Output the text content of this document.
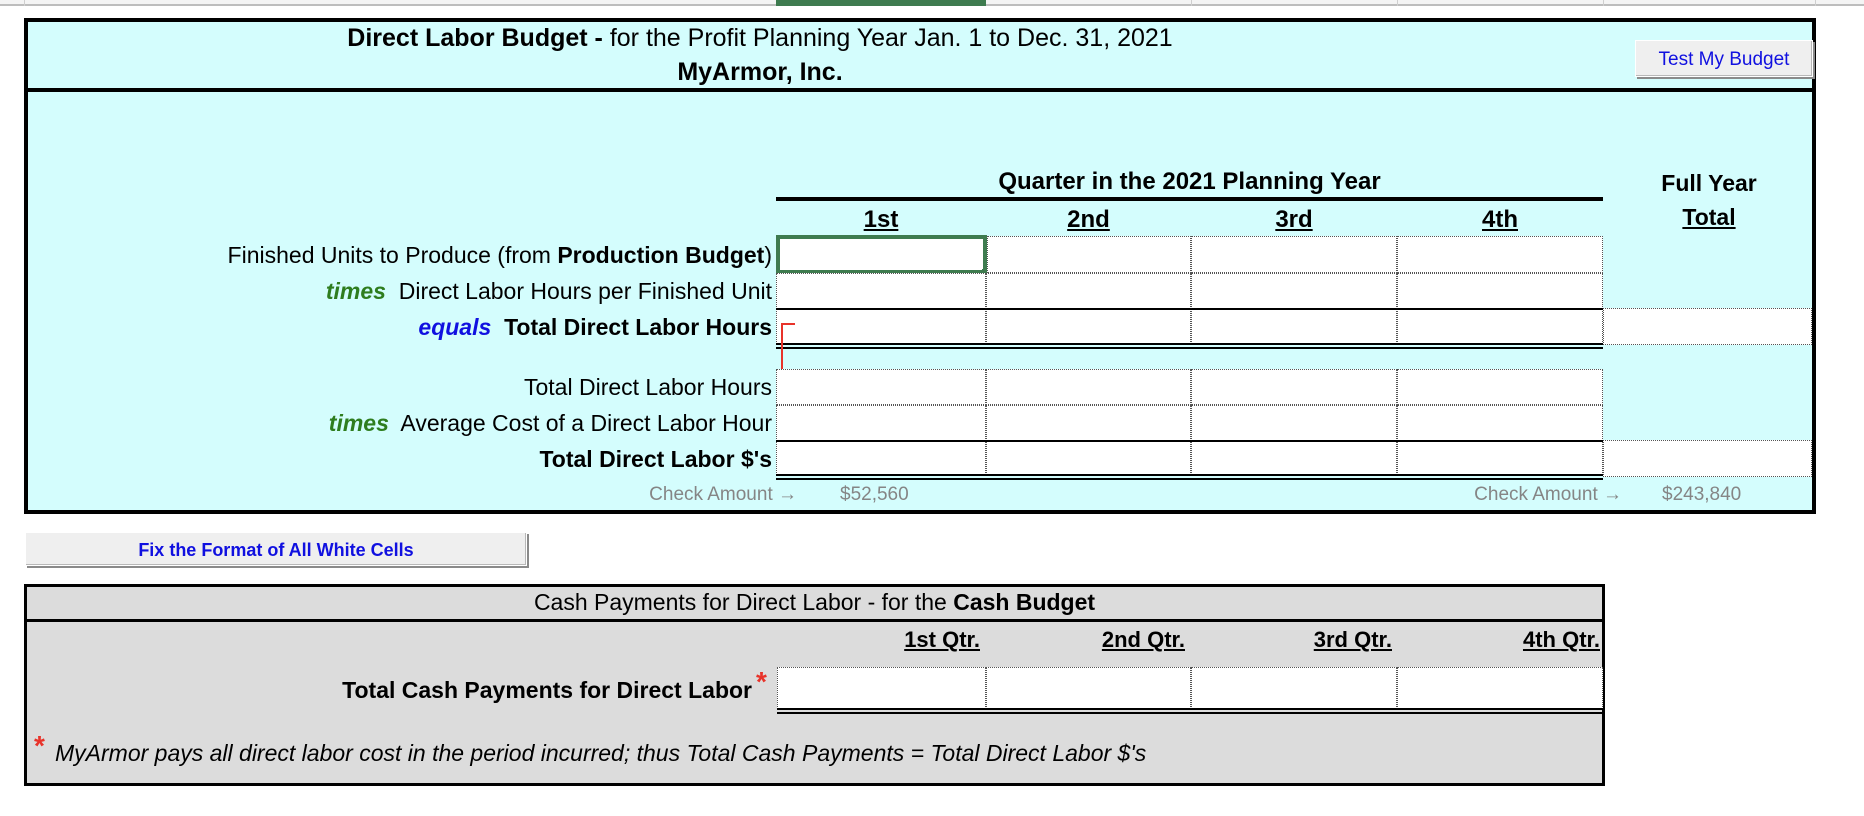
Direct Labor Budget - for the Profit Planning Year Jan. 1 to Dec. 31, 2021
MyArmor, Inc.	Test My Budget
Quarter in the 2021 Planning Year
1st	2nd	3rd	4th
Full Year
Total
Finished Units to Produce (from Production Budget)
times Direct Labor Hours per Finished Unit
equals Total Direct Labor Hours
Total Direct Labor Hours
times Average Cost of a Direct Labor Hour
Total Direct Labor $'s
Check Amount → $52,560	Check Amount → $243,840
Fix the Format of All White Cells
Cash Payments for Direct Labor - for the Cash Budget
1st Qtr.	2nd Qtr.	3rd Qtr.	4th Qtr.
Total Cash Payments for Direct Labor *
* MyArmor pays all direct labor cost in the period incurred; thus Total Cash Payments = Total Direct Labor $'s
